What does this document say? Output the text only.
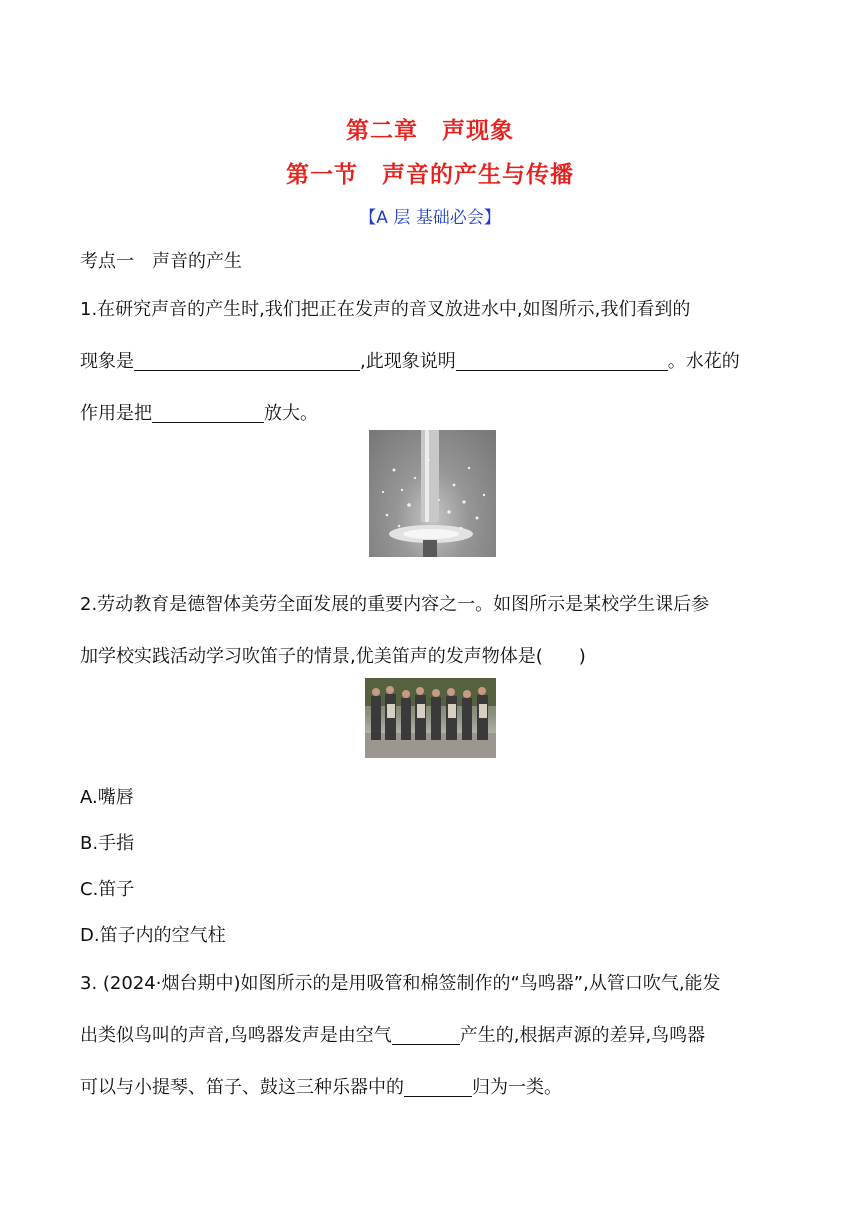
第二章　声现象
第一节　声音的产生与传播
【A 层 基础必会】
考点一　声音的产生
1.在研究声音的产生时,我们把正在发声的音叉放进水中,如图所示,我们看到的
现象是	,此现象说明	。水花的
作用是把	放大。
2.劳动教育是德智体美劳全面发展的重要内容之一。如图所示是某校学生课后参
加学校实践活动学习吹笛子的情景,优美笛声的发声物体是(　　)
A.嘴唇
B.手指
C.笛子
D.笛子内的空气柱
3. (2024·烟台期中)如图所示的是用吸管和棉签制作的“鸟鸣器”,从管口吹气,能发
出类似鸟叫的声音,鸟鸣器发声是由空气	产生的,根据声源的差异,鸟鸣器
可以与小提琴、笛子、鼓这三种乐器中的	归为一类。
